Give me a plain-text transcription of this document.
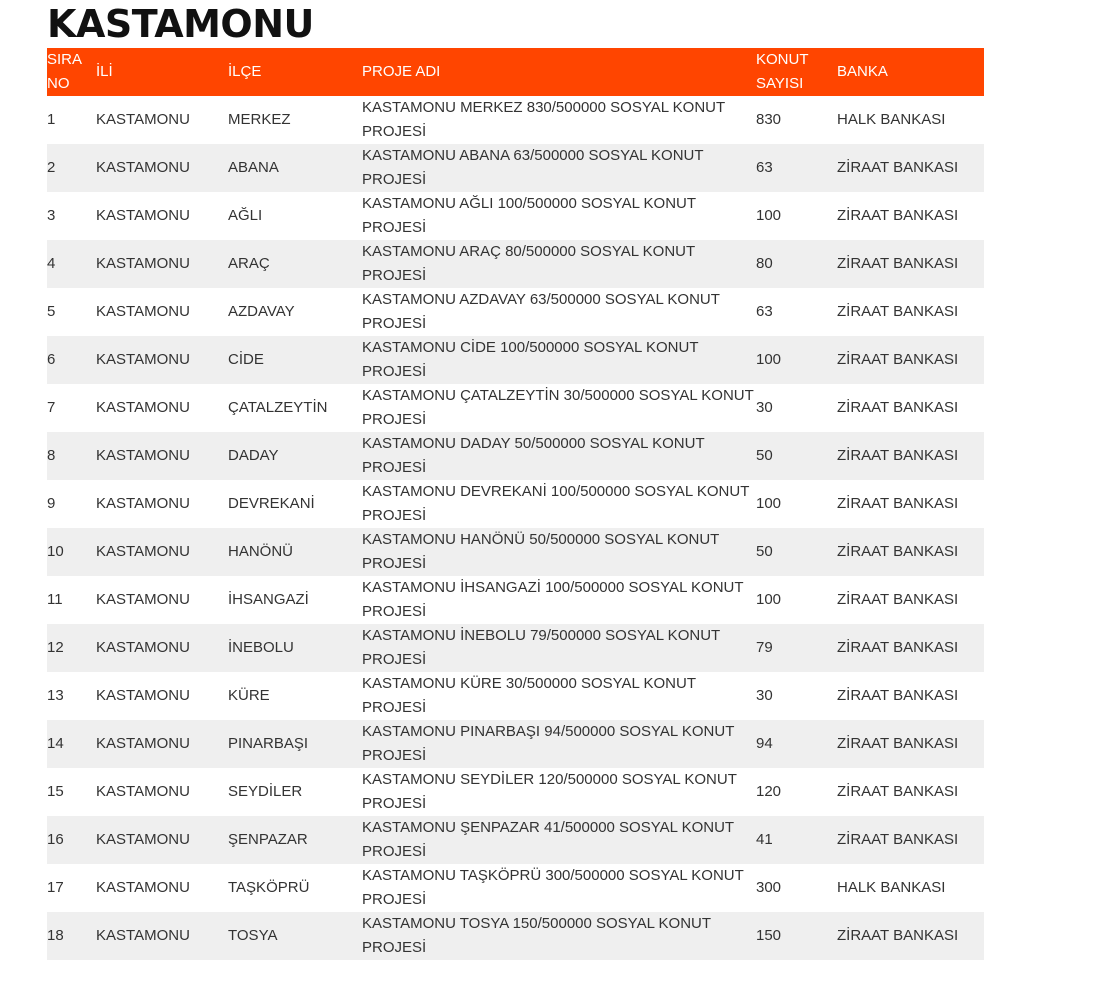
KASTAMONU
SIRA NO	İLİ	İLÇE	PROJE ADI	KONUT SAYISI	BANKA
1	KASTAMONU	MERKEZ	KASTAMONU MERKEZ 830/500000 SOSYAL KONUT PROJESİ	830	HALK BANKASI
2	KASTAMONU	ABANA	KASTAMONU ABANA 63/500000 SOSYAL KONUT PROJESİ	63	ZİRAAT BANKASI
3	KASTAMONU	AĞLI	KASTAMONU AĞLI 100/500000 SOSYAL KONUT PROJESİ	100	ZİRAAT BANKASI
4	KASTAMONU	ARAÇ	KASTAMONU ARAÇ 80/500000 SOSYAL KONUT PROJESİ	80	ZİRAAT BANKASI
5	KASTAMONU	AZDAVAY	KASTAMONU AZDAVAY 63/500000 SOSYAL KONUT PROJESİ	63	ZİRAAT BANKASI
6	KASTAMONU	CİDE	KASTAMONU CİDE 100/500000 SOSYAL KONUT PROJESİ	100	ZİRAAT BANKASI
7	KASTAMONU	ÇATALZEYTİN	KASTAMONU ÇATALZEYTİN 30/500000 SOSYAL KONUT PROJESİ	30	ZİRAAT BANKASI
8	KASTAMONU	DADAY	KASTAMONU DADAY 50/500000 SOSYAL KONUT PROJESİ	50	ZİRAAT BANKASI
9	KASTAMONU	DEVREKANİ	KASTAMONU DEVREKANİ 100/500000 SOSYAL KONUT PROJESİ	100	ZİRAAT BANKASI
10	KASTAMONU	HANÖNÜ	KASTAMONU HANÖNÜ 50/500000 SOSYAL KONUT PROJESİ	50	ZİRAAT BANKASI
11	KASTAMONU	İHSANGAZİ	KASTAMONU İHSANGAZİ 100/500000 SOSYAL KONUT PROJESİ	100	ZİRAAT BANKASI
12	KASTAMONU	İNEBOLU	KASTAMONU İNEBOLU 79/500000 SOSYAL KONUT PROJESİ	79	ZİRAAT BANKASI
13	KASTAMONU	KÜRE	KASTAMONU KÜRE 30/500000 SOSYAL KONUT PROJESİ	30	ZİRAAT BANKASI
14	KASTAMONU	PINARBAŞI	KASTAMONU PINARBAŞI 94/500000 SOSYAL KONUT PROJESİ	94	ZİRAAT BANKASI
15	KASTAMONU	SEYDİLER	KASTAMONU SEYDİLER 120/500000 SOSYAL KONUT PROJESİ	120	ZİRAAT BANKASI
16	KASTAMONU	ŞENPAZAR	KASTAMONU ŞENPAZAR 41/500000 SOSYAL KONUT PROJESİ	41	ZİRAAT BANKASI
17	KASTAMONU	TAŞKÖPRÜ	KASTAMONU TAŞKÖPRÜ 300/500000 SOSYAL KONUT PROJESİ	300	HALK BANKASI
18	KASTAMONU	TOSYA	KASTAMONU TOSYA 150/500000 SOSYAL KONUT PROJESİ	150	ZİRAAT BANKASI
